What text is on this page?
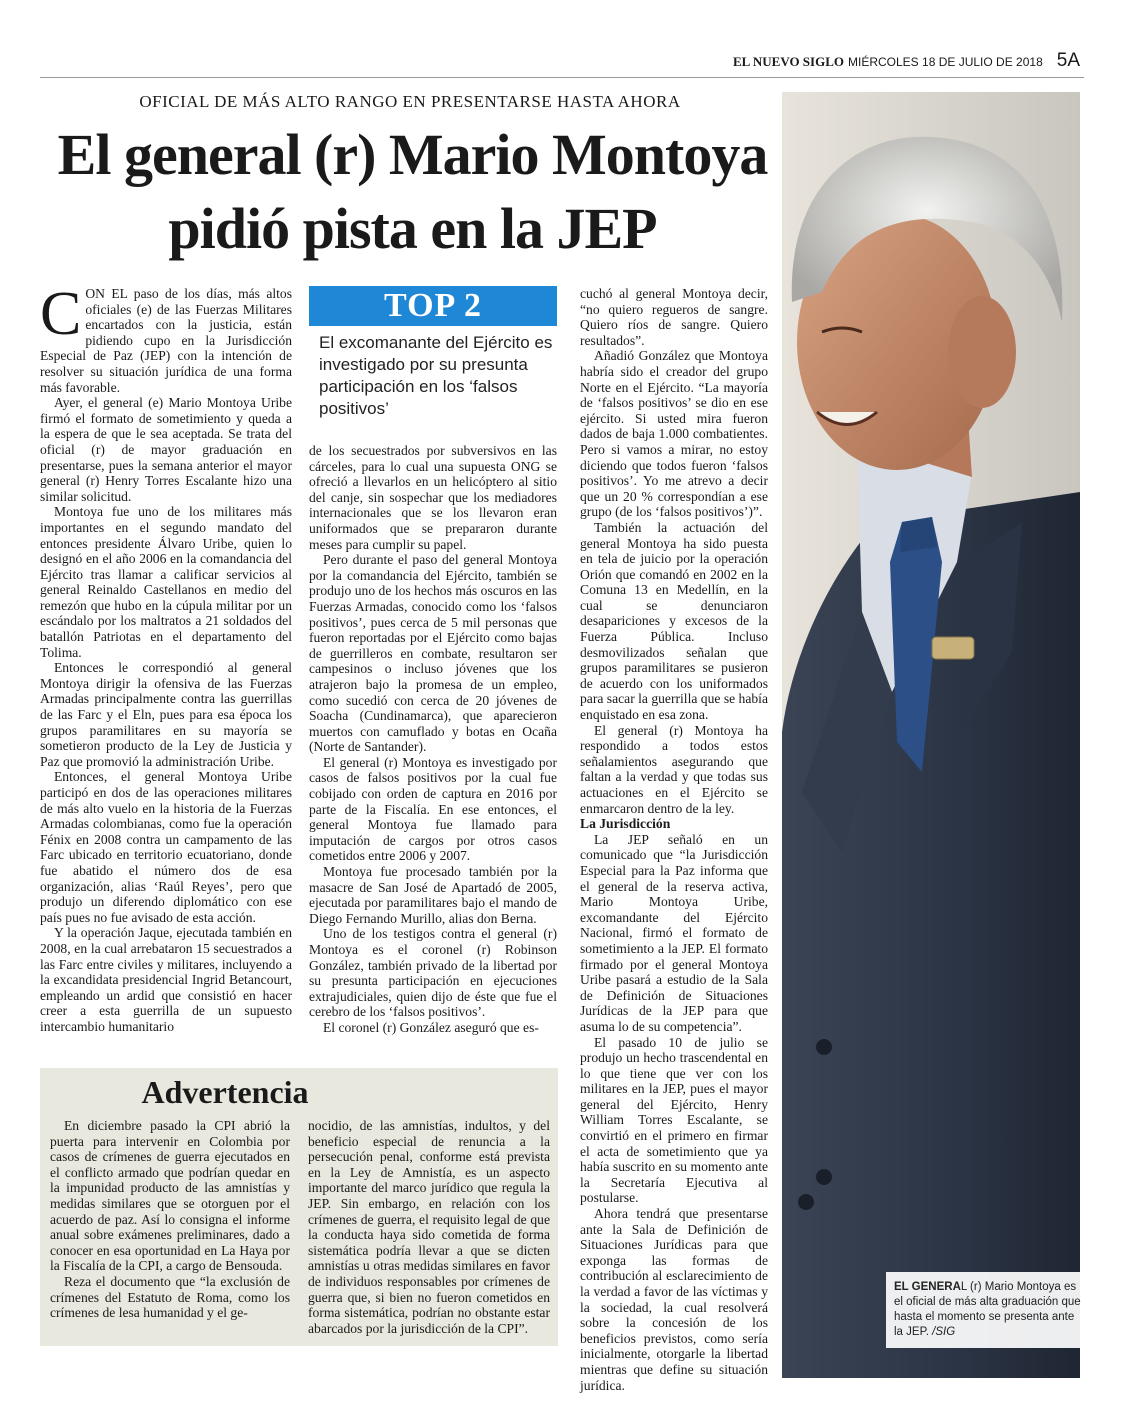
EL NUEVO SIGLO MIÉRCOLES 18 DE JULIO DE 2018 5A
OFICIAL DE MÁS ALTO RANGO EN PRESENTARSE HASTA AHORA
El general (r) Mario Montoya
pidió pista en la JEP
EL GENERAL (r) Mario Montoya es el oficial de más alta graduación que hasta el momento se presenta ante la JEP. /SIG

CON EL paso de los días, más altos oficiales (e) de las Fuerzas Militares encartados con la justicia, están pidiendo cupo en la Jurisdicción Especial de Paz (JEP) con la intención de resolver su situación jurídica de una forma más favorable.

Ayer, el general (e) Mario Montoya Uribe firmó el formato de sometimiento y queda a la espera de que le sea aceptada. Se trata del oficial (r) de mayor graduación en presentarse, pues la semana anterior el mayor general (r) Henry Torres Escalante hizo una similar solicitud.

Montoya fue uno de los militares más importantes en el segundo mandato del entonces presidente Álvaro Uribe, quien lo designó en el año 2006 en la comandancia del Ejército tras llamar a calificar servicios al general Reinaldo Castellanos en medio del remezón que hubo en la cúpula militar por un escándalo por los maltratos a 21 soldados del batallón Patriotas en el departamento del Tolima.

Entonces le correspondió al general Montoya dirigir la ofensiva de las Fuerzas Armadas principalmente contra las guerrillas de las Farc y el Eln, pues para esa época los grupos paramilitares en su mayoría se sometieron producto de la Ley de Justicia y Paz que promovió la administración Uribe.

Entonces, el general Montoya Uribe participó en dos de las operaciones militares de más alto vuelo en la historia de la Fuerzas Armadas colombianas, como fue la operación Fénix en 2008 contra un campamento de las Farc ubicado en territorio ecuatoriano, donde fue abatido el número dos de esa organización, alias ‘Raúl Reyes’, pero que produjo un diferendo diplomático con ese país pues no fue avisado de esta acción.

Y la operación Jaque, ejecutada también en 2008, en la cual arrebataron 15 secuestrados a las Farc entre civiles y militares, incluyendo a la excandidata presidencial Ingrid Betancourt, empleando un ardid que consistió en hacer creer a esta guerrilla de un supuesto intercambio humanitario

TOP 2
El excomanante del Ejército es investigado por su presunta participación en los ‘falsos positivos’

de los secuestrados por subversivos en las cárceles, para lo cual una supuesta ONG se ofreció a llevarlos en un helicóptero al sitio del canje, sin sospechar que los mediadores internacionales que se los llevaron eran uniformados que se prepararon durante meses para cumplir su papel.

Pero durante el paso del general Montoya por la comandancia del Ejército, también se produjo uno de los hechos más oscuros en las Fuerzas Armadas, conocido como los ‘falsos positivos’, pues cerca de 5 mil personas que fueron reportadas por el Ejército como bajas de guerrilleros en combate, resultaron ser campesinos o incluso jóvenes que los atrajeron bajo la promesa de un empleo, como sucedió con cerca de 20 jóvenes de Soacha (Cundinamarca), que aparecieron muertos con camuflado y botas en Ocaña (Norte de Santander).

El general (r) Montoya es investigado por casos de falsos positivos por la cual fue cobijado con orden de captura en 2016 por parte de la Fiscalía. En ese entonces, el general Montoya fue llamado para imputación de cargos por otros casos cometidos entre 2006 y 2007.

Montoya fue procesado también por la masacre de San José de Apartadó de 2005, ejecutada por paramilitares bajo el mando de Diego Fernando Murillo, alias don Berna.

Uno de los testigos contra el general (r) Montoya es el coronel (r) Robinson González, también privado de la libertad por su presunta participación en ejecuciones extrajudiciales, quien dijo de éste que fue el cerebro de los ‘falsos positivos’.

El coronel (r) González aseguró que es-

cuchó al general Montoya decir, “no quiero regueros de sangre. Quiero ríos de sangre. Quiero resultados”.

Añadió González que Montoya habría sido el creador del grupo Norte en el Ejército. “La mayoría de ‘falsos positivos’ se dio en ese ejército. Si usted mira fueron dados de baja 1.000 combatientes. Pero si vamos a mirar, no estoy diciendo que todos fueron ‘falsos positivos’. Yo me atrevo a decir que un 20 % correspondían a ese grupo (de los ‘falsos positivos’)”.

También la actuación del general Montoya ha sido puesta en tela de juicio por la operación Orión que comandó en 2002 en la Comuna 13 en Medellín, en la cual se denunciaron desapariciones y excesos de la Fuerza Pública. Incluso desmovilizados señalan que grupos paramilitares se pusieron de acuerdo con los uniformados para sacar la guerrilla que se había enquistado en esa zona.

El general (r) Montoya ha respondido a todos estos señalamientos asegurando que faltan a la verdad y que todas sus actuaciones en el Ejército se enmarcaron dentro de la ley.

La Jurisdicción

La JEP señaló en un comunicado que “la Jurisdicción Especial para la Paz informa que el general de la reserva activa, Mario Montoya Uribe, excomandante del Ejército Nacional, firmó el formato de sometimiento a la JEP. El formato firmado por el general Montoya Uribe pasará a estudio de la Sala de Definición de Situaciones Jurídicas de la JEP para que asuma lo de su competencia”.

El pasado 10 de julio se produjo un hecho trascendental en lo que tiene que ver con los militares en la JEP, pues el mayor general del Ejército, Henry William Torres Escalante, se convirtió en el primero en firmar el acta de sometimiento que ya había suscrito en su momento ante la Secretaría Ejecutiva al postularse.

Ahora tendrá que presentarse ante la Sala de Definición de Situaciones Jurídicas para que exponga las formas de contribución al esclarecimiento de la verdad a favor de las víctimas y la sociedad, la cual resolverá sobre la concesión de los beneficios previstos, como sería inicialmente, otorgarle la libertad mientras que define su situación jurídica.

Advertencia

En diciembre pasado la CPI abrió la puerta para intervenir en Colombia por casos de crímenes de guerra ejecutados en el conflicto armado que podrían quedar en la impunidad producto de las amnistías y medidas similares que se otorguen por el acuerdo de paz. Así lo consigna el informe anual sobre exámenes preliminares, dado a conocer en esa oportunidad en La Haya por la Fiscalía de la CPI, a cargo de Bensouda.

Reza el documento que “la exclusión de crímenes del Estatuto de Roma, como los crímenes de lesa humanidad y el ge-

nocidio, de las amnistías, indultos, y del beneficio especial de renuncia a la persecución penal, conforme está prevista en la Ley de Amnistía, es un aspecto importante del marco jurídico que regula la JEP. Sin embargo, en relación con los crímenes de guerra, el requisito legal de que la conducta haya sido cometida de forma sistemática podría llevar a que se dicten amnistías u otras medidas similares en favor de individuos responsables por crímenes de guerra que, si bien no fueron cometidos en forma sistemática, podrían no obstante estar abarcados por la jurisdicción de la CPI”.
